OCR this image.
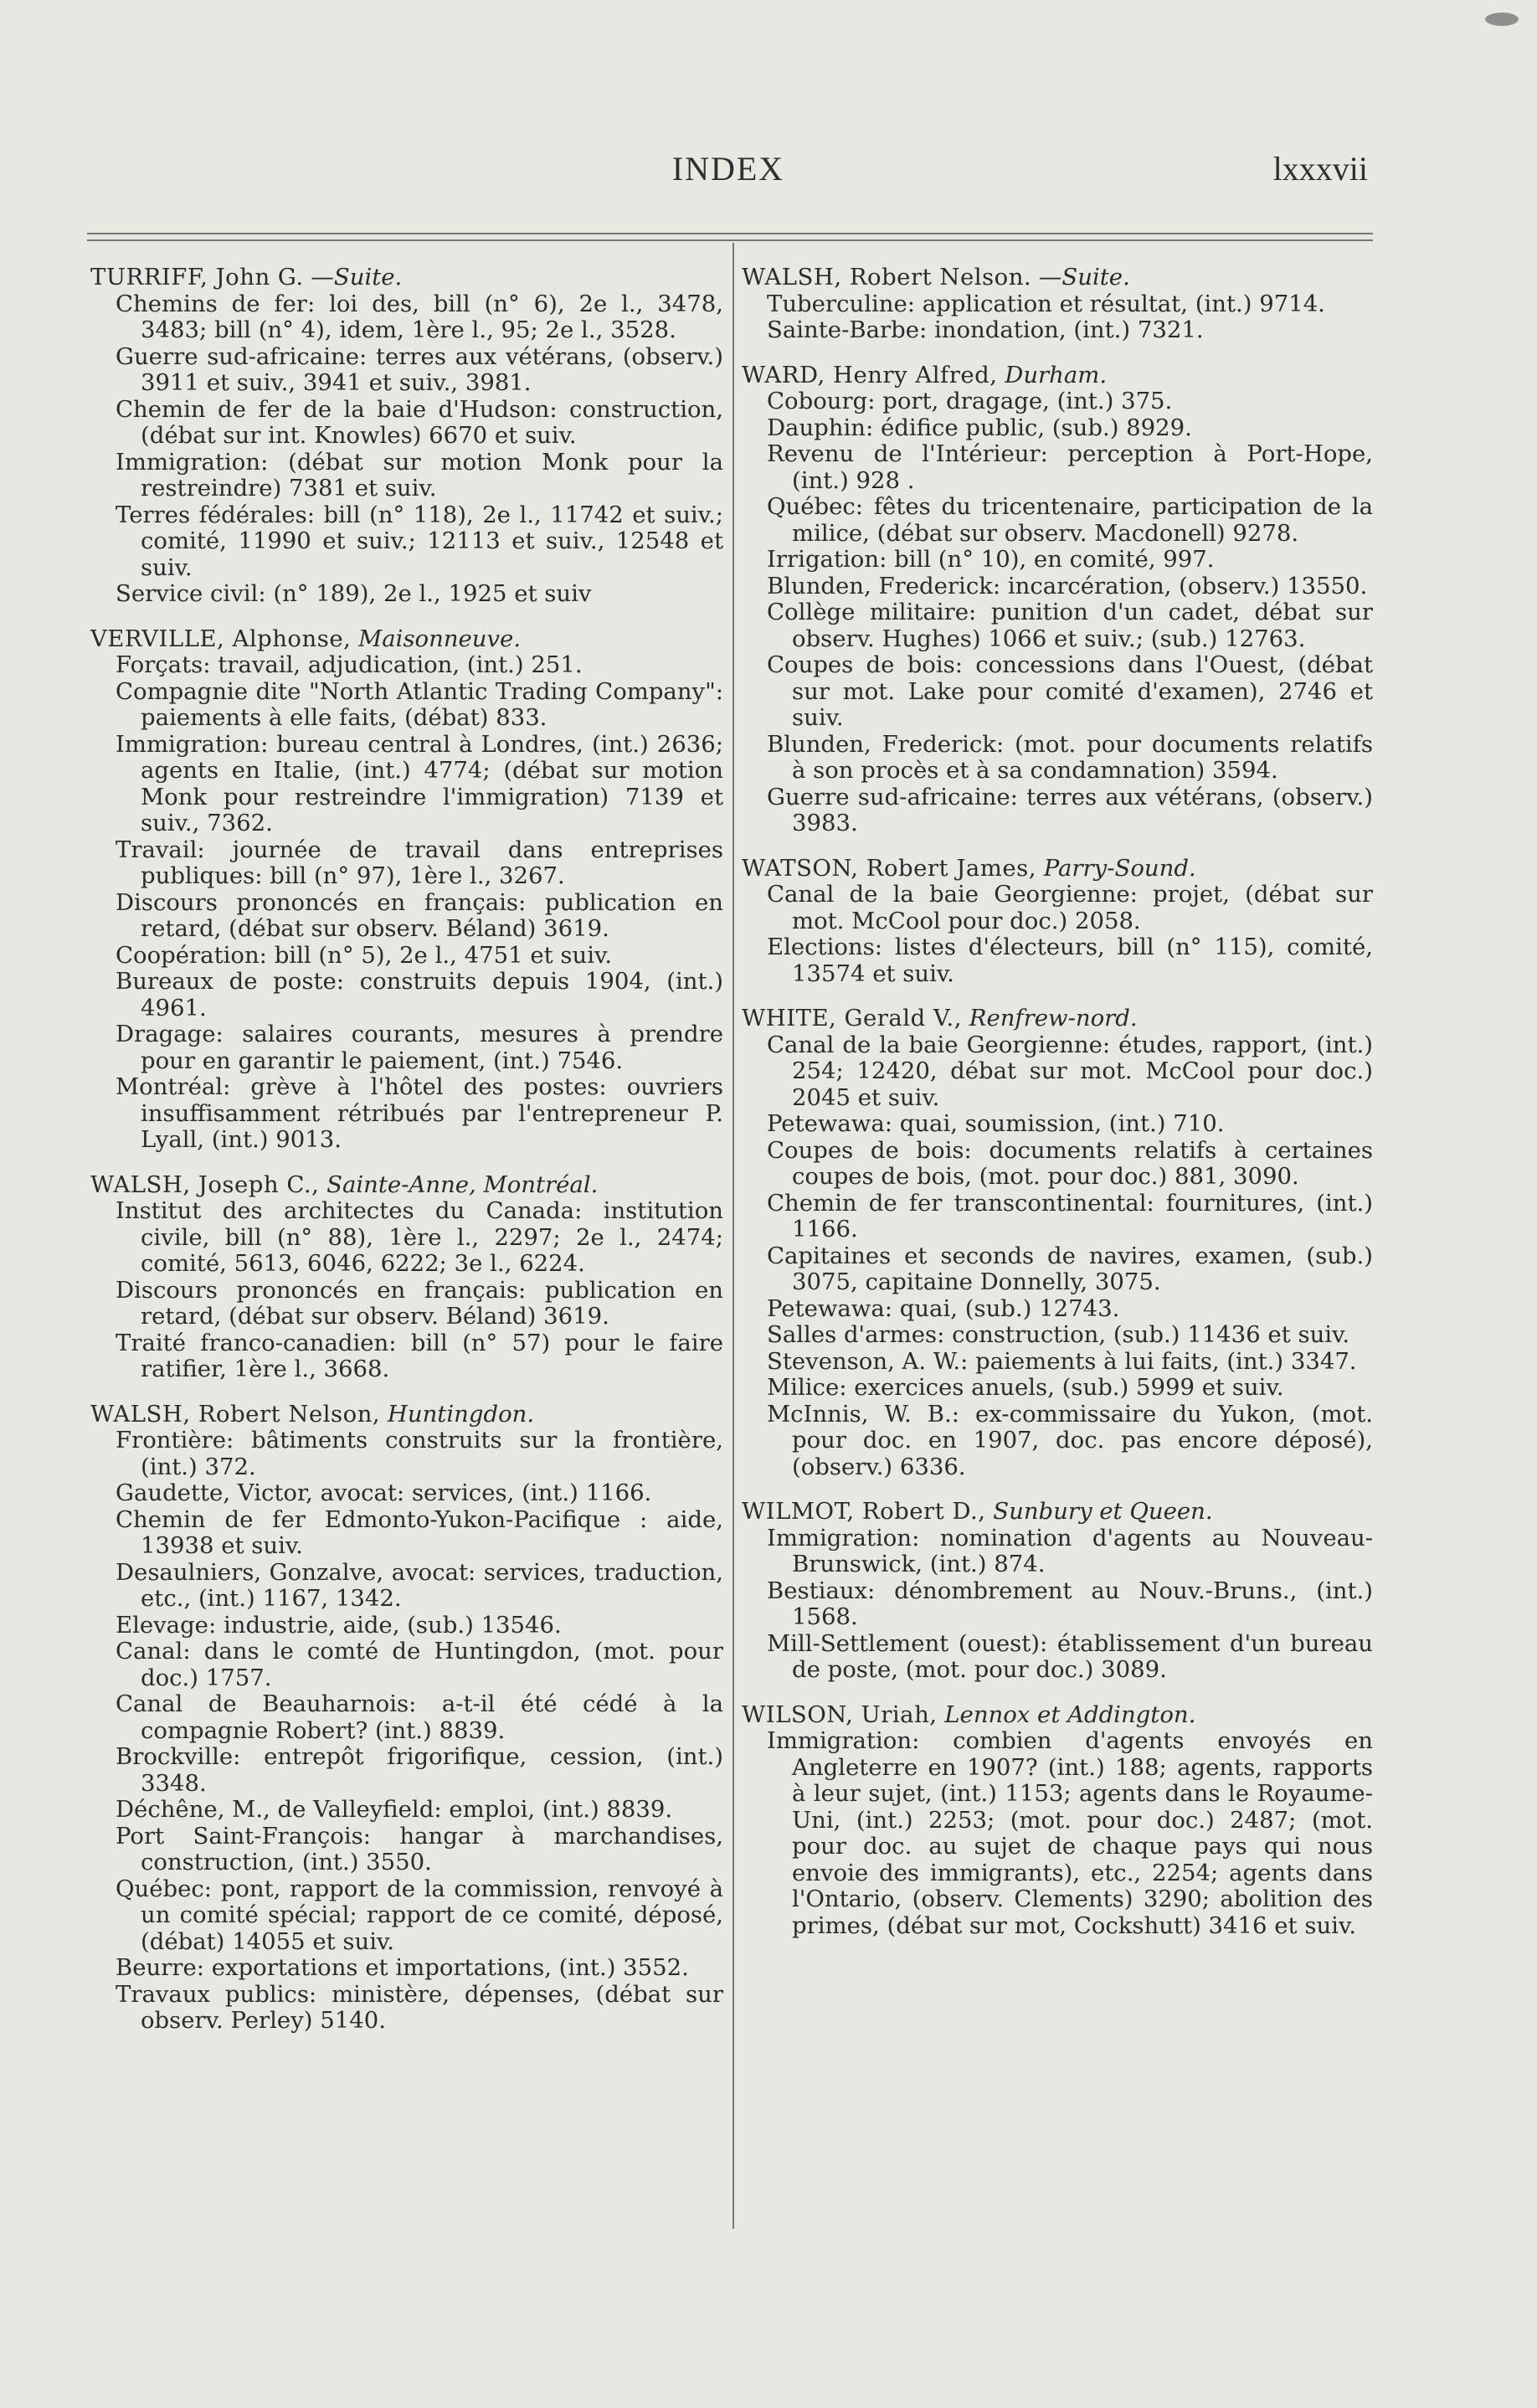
INDEX	lxxxvii
TURRIFF, John G. —Suite.
Chemins de fer: loi des, bill (n° 6), 2e l., 3478, 3483; bill (n° 4), idem, 1ère l., 95; 2e l., 3528.
Guerre sud-africaine: terres aux vétérans, (observ.) 3911 et suiv., 3941 et suiv., 3981.
Chemin de fer de la baie d'Hudson: construction, (débat sur int. Knowles) 6670 et suiv.
Immigration: (débat sur motion Monk pour la restreindre) 7381 et suiv.
Terres fédérales: bill (n° 118), 2e l., 11742 et suiv.; comité, 11990 et suiv.; 12113 et suiv., 12548 et suiv.
Service civil: (n° 189), 2e l., 1925 et suiv
VERVILLE, Alphonse, Maisonneuve.
Forçats: travail, adjudication, (int.) 251.
Compagnie dite "North Atlantic Trading Company": paiements à elle faits, (débat) 833.
Immigration: bureau central à Londres, (int.) 2636; agents en Italie, (int.) 4774; (débat sur motion Monk pour restreindre l'immigration) 7139 et suiv., 7362.
Travail: journée de travail dans entreprises publiques: bill (n° 97), 1ère l., 3267.
Discours prononcés en français: publication en retard, (débat sur observ. Béland) 3619.
Coopération: bill (n° 5), 2e l., 4751 et suiv.
Bureaux de poste: construits depuis 1904, (int.) 4961.
Dragage: salaires courants, mesures à prendre pour en garantir le paiement, (int.) 7546.
Montréal: grève à l'hôtel des postes: ouvriers insuffisamment rétribués par l'entrepreneur P. Lyall, (int.) 9013.
WALSH, Joseph C., Sainte-Anne, Montréal.
Institut des architectes du Canada: institution civile, bill (n° 88), 1ère l., 2297; 2e l., 2474; comité, 5613, 6046, 6222; 3e l., 6224.
Discours prononcés en français: publication en retard, (débat sur observ. Béland) 3619.
Traité franco-canadien: bill (n° 57) pour le faire ratifier, 1ère l., 3668.
WALSH, Robert Nelson, Huntingdon.
Frontière: bâtiments construits sur la frontière, (int.) 372.
Gaudette, Victor, avocat: services, (int.) 1166.
Chemin de fer Edmonto-Yukon-Pacifique : aide, 13938 et suiv.
Desaulniers, Gonzalve, avocat: services, traduction, etc., (int.) 1167, 1342.
Elevage: industrie, aide, (sub.) 13546.
Canal: dans le comté de Huntingdon, (mot. pour doc.) 1757.
Canal de Beauharnois: a-t-il été cédé à la compagnie Robert? (int.) 8839.
Brockville: entrepôt frigorifique, cession, (int.) 3348.
Déchêne, M., de Valleyfield: emploi, (int.) 8839.
Port Saint-François: hangar à marchandises, construction, (int.) 3550.
Québec: pont, rapport de la commission, renvoyé à un comité spécial; rapport de ce comité, déposé, (débat) 14055 et suiv.
Beurre: exportations et importations, (int.) 3552.
Travaux publics: ministère, dépenses, (débat sur observ. Perley) 5140.
WALSH, Robert Nelson. —Suite.
Tuberculine: application et résultat, (int.) 9714.
Sainte-Barbe: inondation, (int.) 7321.
WARD, Henry Alfred, Durham.
Cobourg: port, dragage, (int.) 375.
Dauphin: édifice public, (sub.) 8929.
Revenu de l'Intérieur: perception à Port-Hope, (int.) 928 .
Québec: fêtes du tricentenaire, participation de la milice, (débat sur observ. Macdonell) 9278.
Irrigation: bill (n° 10), en comité, 997.
Blunden, Frederick: incarcération, (observ.) 13550.
Collège militaire: punition d'un cadet, débat sur observ. Hughes) 1066 et suiv.; (sub.) 12763.
Coupes de bois: concessions dans l'Ouest, (débat sur mot. Lake pour comité d'examen), 2746 et suiv.
Blunden, Frederick: (mot. pour documents relatifs à son procès et à sa condamnation) 3594.
Guerre sud-africaine: terres aux vétérans, (observ.) 3983.
WATSON, Robert James, Parry-Sound.
Canal de la baie Georgienne: projet, (débat sur mot. McCool pour doc.) 2058.
Elections: listes d'électeurs, bill (n° 115), comité, 13574 et suiv.
WHITE, Gerald V., Renfrew-nord.
Canal de la baie Georgienne: études, rapport, (int.) 254; 12420, débat sur mot. McCool pour doc.) 2045 et suiv.
Petewawa: quai, soumission, (int.) 710.
Coupes de bois: documents relatifs à certaines coupes de bois, (mot. pour doc.) 881, 3090.
Chemin de fer transcontinental: fournitures, (int.) 1166.
Capitaines et seconds de navires, examen, (sub.) 3075, capitaine Donnelly, 3075.
Petewawa: quai, (sub.) 12743.
Salles d'armes: construction, (sub.) 11436 et suiv.
Stevenson, A. W.: paiements à lui faits, (int.) 3347.
Milice: exercices anuels, (sub.) 5999 et suiv.
McInnis, W. B.: ex-commissaire du Yukon, (mot. pour doc. en 1907, doc. pas encore déposé), (observ.) 6336.
WILMOT, Robert D., Sunbury et Queen.
Immigration: nomination d'agents au Nouveau-Brunswick, (int.) 874.
Bestiaux: dénombrement au Nouv.-Bruns., (int.) 1568.
Mill-Settlement (ouest): établissement d'un bureau de poste, (mot. pour doc.) 3089.
WILSON, Uriah, Lennox et Addington.
Immigration: combien d'agents envoyés en Angleterre en 1907? (int.) 188; agents, rapports à leur sujet, (int.) 1153; agents dans le Royaume-Uni, (int.) 2253; (mot. pour doc.) 2487; (mot. pour doc. au sujet de chaque pays qui nous envoie des immigrants), etc., 2254; agents dans l'Ontario, (observ. Clements) 3290; abolition des primes, (débat sur mot, Cockshutt) 3416 et suiv.
